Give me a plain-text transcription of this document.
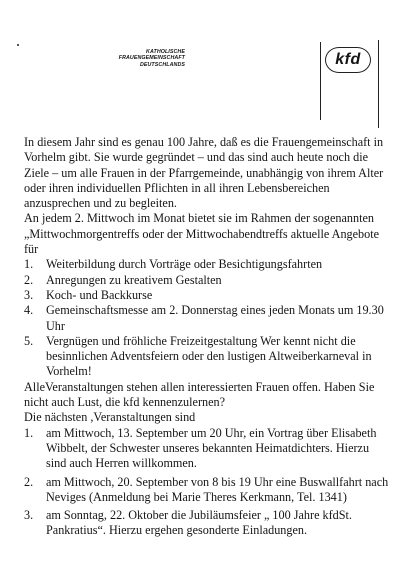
KATHOLISCHE
FRAUENGEMEINSCHAFT
DEUTSCHLANDS	kfd

In diesem Jahr sind es genau 100 Jahre, daß es die Frauengemeinschaft in Vorhelm gibt. Sie wurde gegründet – und das sind auch heute noch die Ziele – um alle Frauen in der Pfarrgemeinde, unabhängig von ihrem Alter oder ihren individuellen Pflichten in all ihren Lebensbereichen anzusprechen und zu begleiten.

An jedem 2. Mittwoch im Monat bietet sie im Rahmen der sogenannten „Mittwochmorgentreffs oder der Mittwochabendtreffs aktuelle Angebote für

1. Weiterbildung durch Vorträge oder Besichtigungsfahrten
2. Anregungen zu kreativem Gestalten
3. Koch- und Backkurse
4. Gemeinschaftsmesse am 2. Donnerstag eines jeden Monats um 19.30 Uhr
5. Vergnügen und fröhliche Freizeitgestaltung Wer kennt nicht die besinnlichen Adventsfeiern oder den lustigen Altweiberkarneval in Vorhelm!

AlleVeranstaltungen stehen allen interessierten Frauen offen. Haben Sie nicht auch Lust, die kfd kennenzulernen?

Die nächsten ,Veranstaltungen sind

1. am Mittwoch, 13. September um 20 Uhr, ein Vortrag über Elisabeth Wibbelt, der Schwester unseres bekannten Heimatdichters. Hierzu sind auch Herren willkommen.
2. am Mittwoch, 20. September von 8 bis 19 Uhr eine Buswallfahrt nach Neviges (Anmeldung bei Marie Theres Kerkmann, Tel. 1341)
3. am Sonntag, 22. Oktober die Jubiläumsfeier „ 100 Jahre kfdSt. Pankratius“. Hierzu ergehen gesonderte Einladungen.
